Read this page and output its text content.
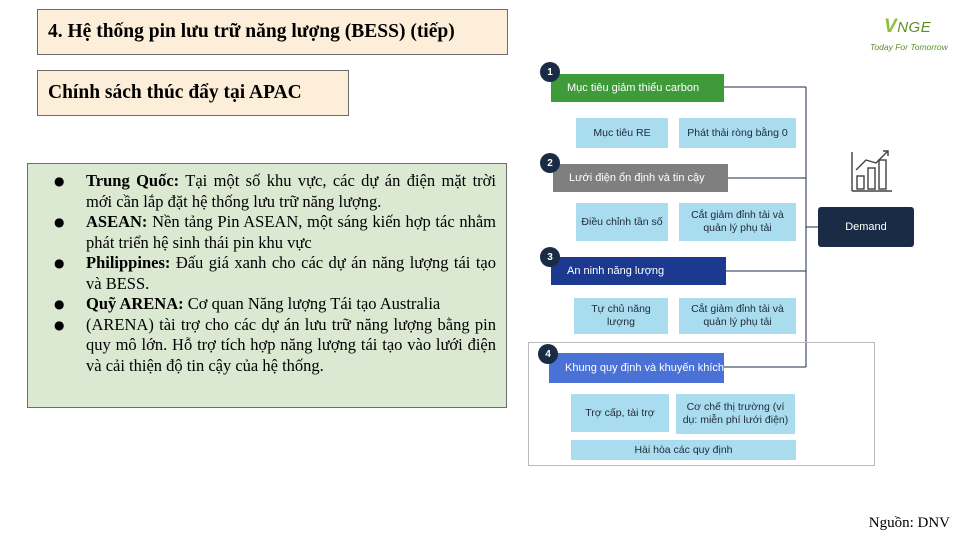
4. Hệ thống pin lưu trữ năng lượng (BESS) (tiếp)
Chính sách thúc đẩy tại APAC
● Trung Quốc: Tại một số khu vực, các dự án điện mặt trời mới cần lắp đặt hệ thống lưu trữ năng lượng.
● ASEAN: Nền tảng Pin ASEAN, một sáng kiến hợp tác nhằm phát triển hệ sinh thái pin khu vực
● Philippines: Đấu giá xanh cho các dự án năng lượng tái tạo và BESS.
● Quỹ ARENA: Cơ quan Năng lượng Tái tạo Australia
● (ARENA) tài trợ cho các dự án lưu trữ năng lượng bằng pin quy mô lớn. Hỗ trợ tích hợp năng lượng tái tạo vào lưới điện và cải thiện độ tin cậy của hệ thống.
VNGE
Today For Tomorrow
Mục tiêu giảm thiểu carbon
1
Mục tiêu RE	Phát thải ròng bằng 0
Lưới điện ổn định và tin cậy
2
Điều chỉnh tần số
Cắt giảm đỉnh tải và quản lý phụ tải
An ninh năng lượng
3
Tự chủ năng lượng
Cắt giảm đỉnh tải và quản lý phụ tải
Khung quy định và khuyến khích
4
Trợ cấp, tài trợ	Cơ chế thị trường (ví dụ: miễn phí lưới điện)
Hài hòa các quy định
Demand
Nguồn: DNV
